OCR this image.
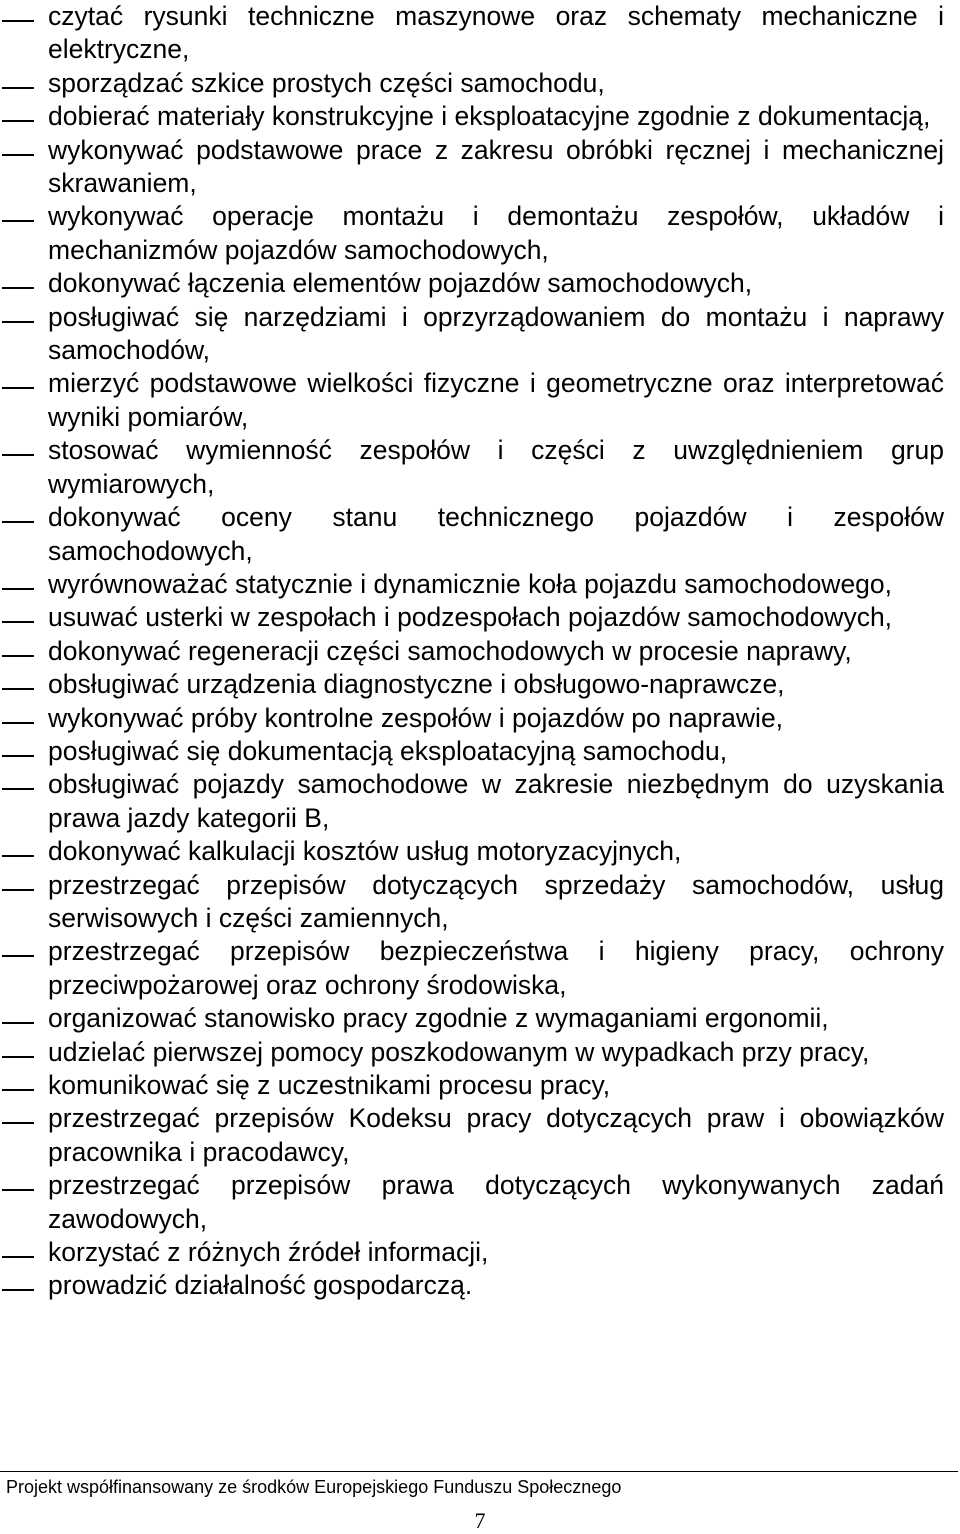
czytać rysunki techniczne maszynowe oraz schematy mechaniczne i elektryczne,
sporządzać szkice prostych części samochodu,
dobierać materiały konstrukcyjne i eksploatacyjne zgodnie z dokumentacją,
wykonywać podstawowe prace z zakresu obróbki ręcznej i mechanicznej skrawaniem,
wykonywać operacje montażu i demontażu zespołów, układów i mechanizmów pojazdów samochodowych,
dokonywać łączenia elementów pojazdów samochodowych,
posługiwać się narzędziami i oprzyrządowaniem do montażu i naprawy samochodów,
mierzyć podstawowe wielkości fizyczne i geometryczne oraz interpretować wyniki pomiarów,
stosować wymienność zespołów i części z uwzględnieniem grup wymiarowych,
dokonywać oceny stanu technicznego pojazdów i zespołów samochodowych,
wyrównoważać statycznie i dynamicznie koła pojazdu samochodowego,
usuwać usterki w zespołach i podzespołach pojazdów samochodowych,
dokonywać regeneracji części samochodowych w procesie naprawy,
obsługiwać urządzenia diagnostyczne i obsługowo-naprawcze,
wykonywać próby kontrolne zespołów i pojazdów po naprawie,
posługiwać się dokumentacją eksploatacyjną samochodu,
obsługiwać pojazdy samochodowe w zakresie niezbędnym do uzyskania prawa jazdy kategorii B,
dokonywać kalkulacji kosztów usług motoryzacyjnych,
przestrzegać przepisów dotyczących sprzedaży samochodów, usług serwisowych i części zamiennych,
przestrzegać przepisów bezpieczeństwa i higieny pracy, ochrony przeciwpożarowej oraz ochrony środowiska,
organizować stanowisko pracy zgodnie z wymaganiami ergonomii,
udzielać pierwszej pomocy poszkodowanym w wypadkach przy pracy,
komunikować się z uczestnikami procesu pracy,
przestrzegać przepisów Kodeksu pracy dotyczących praw i obowiązków pracownika i pracodawcy,
przestrzegać przepisów prawa dotyczących wykonywanych zadań zawodowych,
korzystać z różnych źródeł informacji,
prowadzić działalność gospodarczą.
Projekt współfinansowany ze środków Europejskiego Funduszu Społecznego
7
